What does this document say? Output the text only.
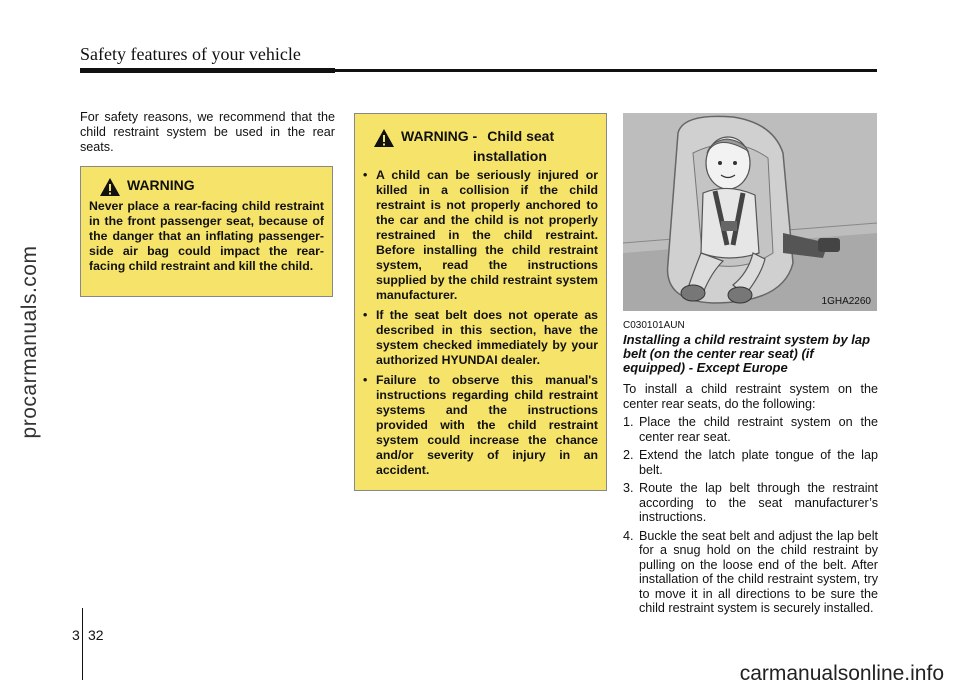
Safety features of your vehicle
procarmanuals.com
For safety reasons, we recommend that the child restraint system be used in the rear seats.
WARNING
Never place a rear-facing child restraint in the front passenger seat, because of the danger that an inflating passenger-side air bag could impact the rear-facing child restraint and kill the child.
WARNING - Child seat
installation
• A child can be seriously injured or killed in a collision if the child restraint is not properly anchored to the car and the child is not properly restrained in the child restraint. Before installing the child restraint system, read the instructions supplied by the child restraint system manufacturer.
• If the seat belt does not operate as described in this section, have the system checked immediately by your authorized HYUNDAI dealer.
• Failure to observe this manual's instructions regarding child restraint systems and the instructions provided with the child restraint system could increase the chance and/or severity of injury in an accident.
1GHA2260
C030101AUN
Installing a child restraint system by lap belt (on the center rear seat) (if equipped) - Except Europe
To install a child restraint system on the center rear seats, do the following:
1. Place the child restraint system on the center rear seat.
2. Extend the latch plate tongue of the lap belt.
3. Route the lap belt through the restraint according to the seat manufacturer’s instructions.
4. Buckle the seat belt and adjust the lap belt for a snug hold on the child restraint by pulling on the loose end of the belt. After installation of the child restraint system, try to move it in all directions to be sure the child restraint system is securely installed.
3 32
carmanualsonline.info
